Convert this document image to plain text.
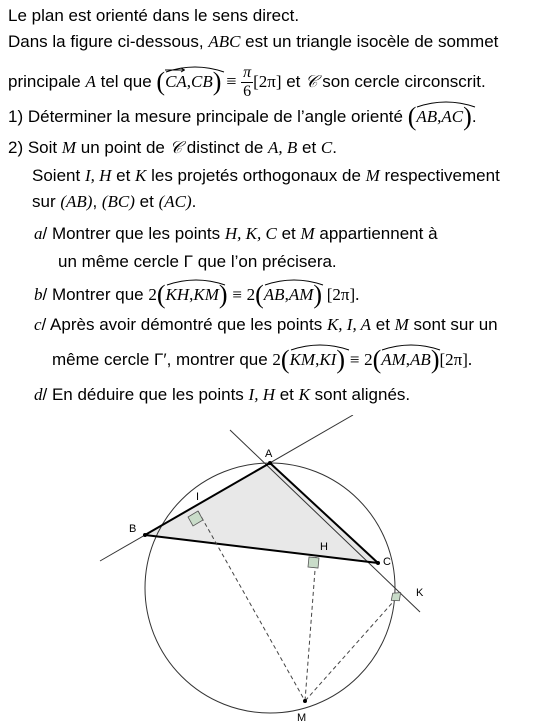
Le plan est orienté dans le sens direct.
Dans la figure ci-dessous, ABC est un triangle isocèle de sommet
principale A tel que (CA
,CB
) ≡ $\frac{\pi}{6} [2\pi]$ et 𝒞 son cercle circonscrit.
1) Déterminer la mesure principale de l’angle orienté (AB,AC
).
2) Soit M un point de 𝒞 distinct de A, B et C.
Soient I, H et K les projetés orthogonaux de M respectivement
sur (AB), (BC) et (AC).
a/ Montrer que les points H, K, C et M appartiennent à
un même cercle Γ que l’on précisera.
b/ Montrer que 2(KH,KM
) ≡ 2(AB,AM
) [2π].
c/ Après avoir démontré que les points K, I, A et M sont sur un
même cercle Γ′, montrer que 2(KM,KI
) ≡ 2(AM,AB
)[2π].
d/ En déduire que les points I, H et K sont alignés.
A
B
C
H
I
K
M
